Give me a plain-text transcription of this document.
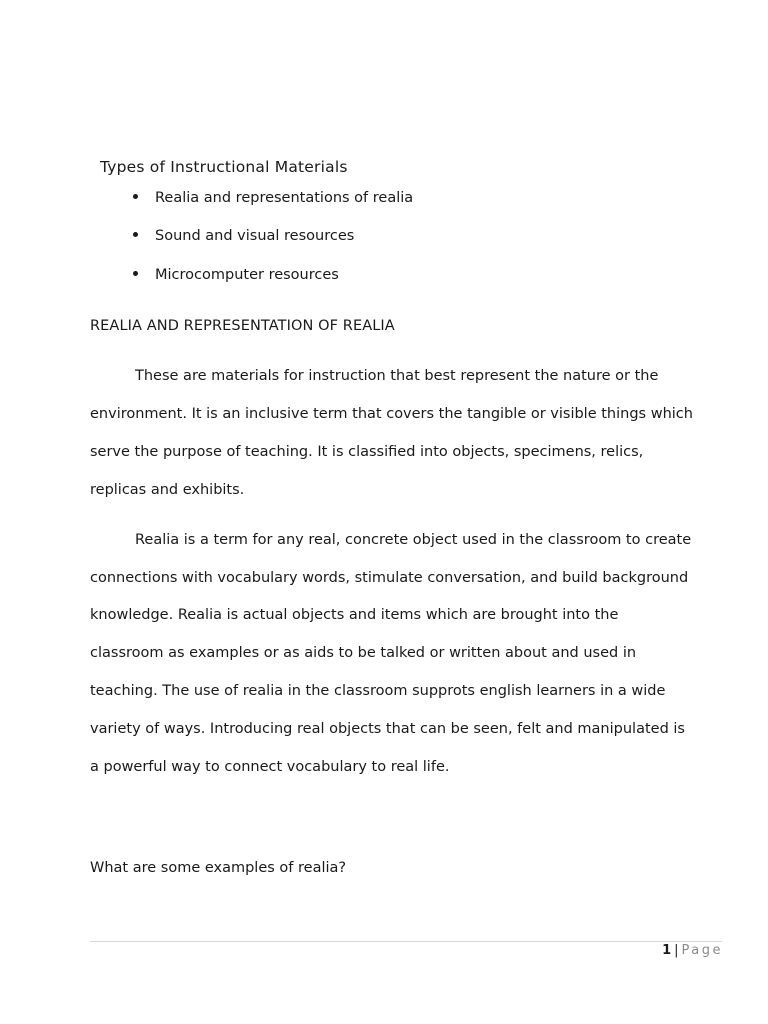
Types of Instructional Materials
Realia and representations of realia
Sound and visual resources
Microcomputer resources
REALIA AND REPRESENTATION OF REALIA
These are materials for instruction that best represent the nature or the
environment. It is an inclusive term that covers the tangible or visible things which
serve the purpose of teaching. It is classified into objects, specimens, relics,
replicas and exhibits.
Realia is a term for any real, concrete object used in the classroom to create
connections with vocabulary words, stimulate conversation, and build background
knowledge. Realia is actual objects and items which are brought into the
classroom as examples or as aids to be talked or written about and used in
teaching. The use of realia in the classroom supprots english learners in a wide
variety of ways. Introducing real objects that can be seen, felt and manipulated is
a powerful way to connect vocabulary to real life.
What are some examples of realia?
1 | Page
